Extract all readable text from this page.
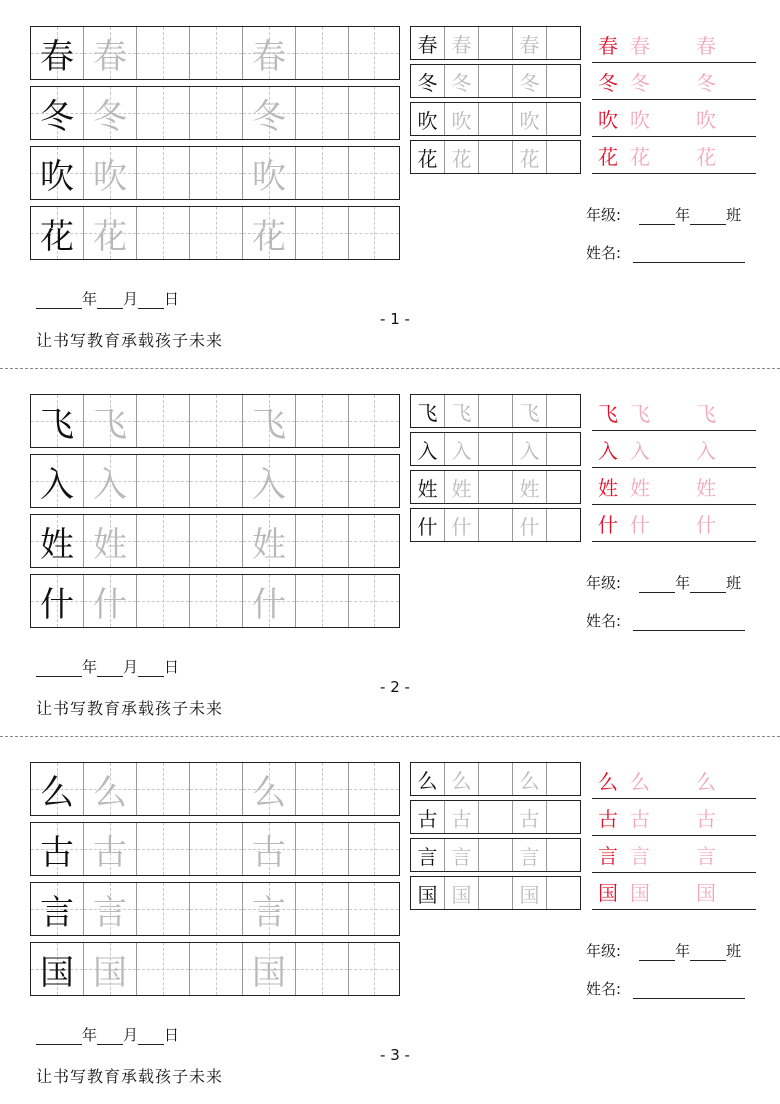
春 春	春
冬 冬	冬
吹 吹	吹
花 花	花
春 春 春
冬 冬 冬
吹 吹 吹
花 花 花
春 春 春
冬 冬 冬
吹 吹 吹
花 花 花
年级:	年 班
姓名:
年 月 日
让书写教育承载孩子未来
- 1 -
飞 飞	飞
入 入	入
姓 姓	姓
什 什	什
飞 飞 飞
入 入 入
姓 姓 姓
什 什 什
飞 飞 飞
入 入 入
姓 姓 姓
什 什 什
年级:	年 班
姓名:
年 月 日
让书写教育承载孩子未来
- 2 -
么 么	么
古 古	古
言 言	言
国 国	国
么 么 么
古 古 古
言 言 言
国 国 国
么 么 么
古 古 古
言 言 言
国 国 国
年级:	年 班
姓名:
年 月 日
让书写教育承载孩子未来
- 3 -
